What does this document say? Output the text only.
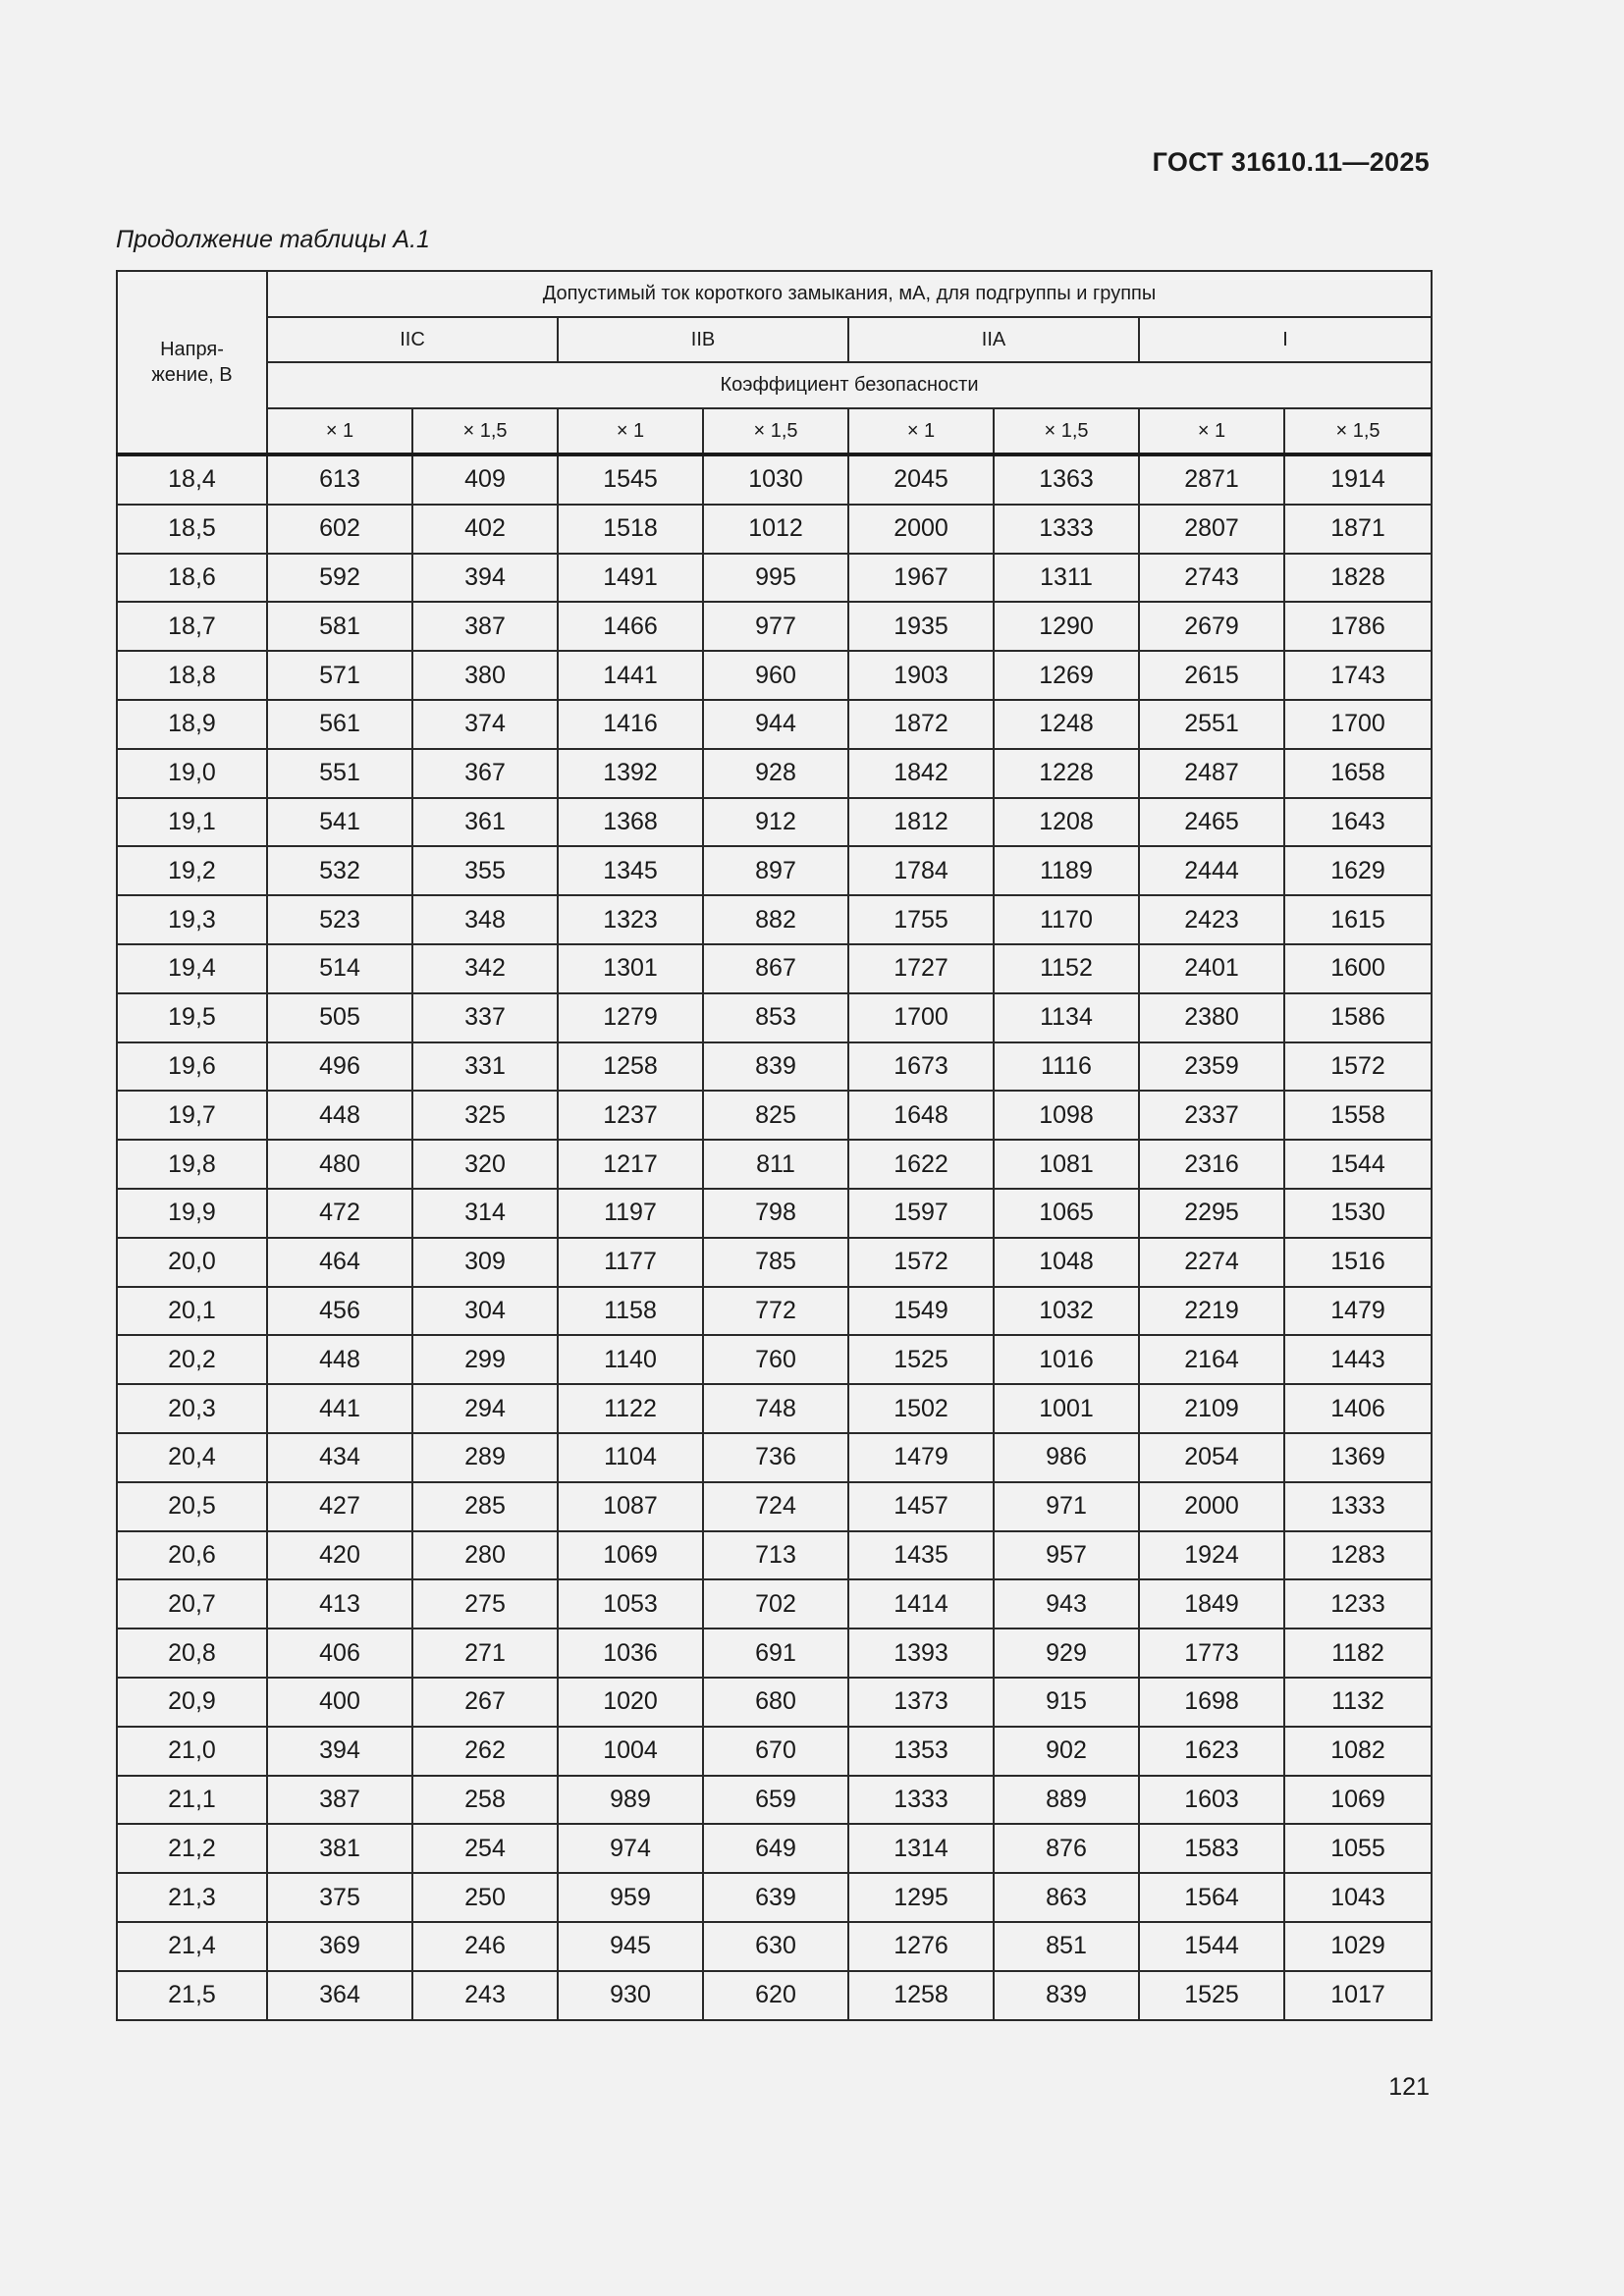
ГОСТ 31610.11—2025
Продолжение таблицы А.1
Напря-
жение, В	Допустимый ток короткого замыкания, мА, для подгруппы и группы							
	IIC		IIB		IIA		I	
	Коэффициент безопасности							
	× 1	× 1,5	× 1	× 1,5	× 1	× 1,5	× 1	× 1,5
18,4	613	409	1545	1030	2045	1363	2871	1914
18,5	602	402	1518	1012	2000	1333	2807	1871
18,6	592	394	1491	995	1967	1311	2743	1828
18,7	581	387	1466	977	1935	1290	2679	1786
18,8	571	380	1441	960	1903	1269	2615	1743
18,9	561	374	1416	944	1872	1248	2551	1700
19,0	551	367	1392	928	1842	1228	2487	1658
19,1	541	361	1368	912	1812	1208	2465	1643
19,2	532	355	1345	897	1784	1189	2444	1629
19,3	523	348	1323	882	1755	1170	2423	1615
19,4	514	342	1301	867	1727	1152	2401	1600
19,5	505	337	1279	853	1700	1134	2380	1586
19,6	496	331	1258	839	1673	1116	2359	1572
19,7	448	325	1237	825	1648	1098	2337	1558
19,8	480	320	1217	811	1622	1081	2316	1544
19,9	472	314	1197	798	1597	1065	2295	1530
20,0	464	309	1177	785	1572	1048	2274	1516
20,1	456	304	1158	772	1549	1032	2219	1479
20,2	448	299	1140	760	1525	1016	2164	1443
20,3	441	294	1122	748	1502	1001	2109	1406
20,4	434	289	1104	736	1479	986	2054	1369
20,5	427	285	1087	724	1457	971	2000	1333
20,6	420	280	1069	713	1435	957	1924	1283
20,7	413	275	1053	702	1414	943	1849	1233
20,8	406	271	1036	691	1393	929	1773	1182
20,9	400	267	1020	680	1373	915	1698	1132
21,0	394	262	1004	670	1353	902	1623	1082
21,1	387	258	989	659	1333	889	1603	1069
21,2	381	254	974	649	1314	876	1583	1055
21,3	375	250	959	639	1295	863	1564	1043
21,4	369	246	945	630	1276	851	1544	1029
21,5	364	243	930	620	1258	839	1525	1017
121
